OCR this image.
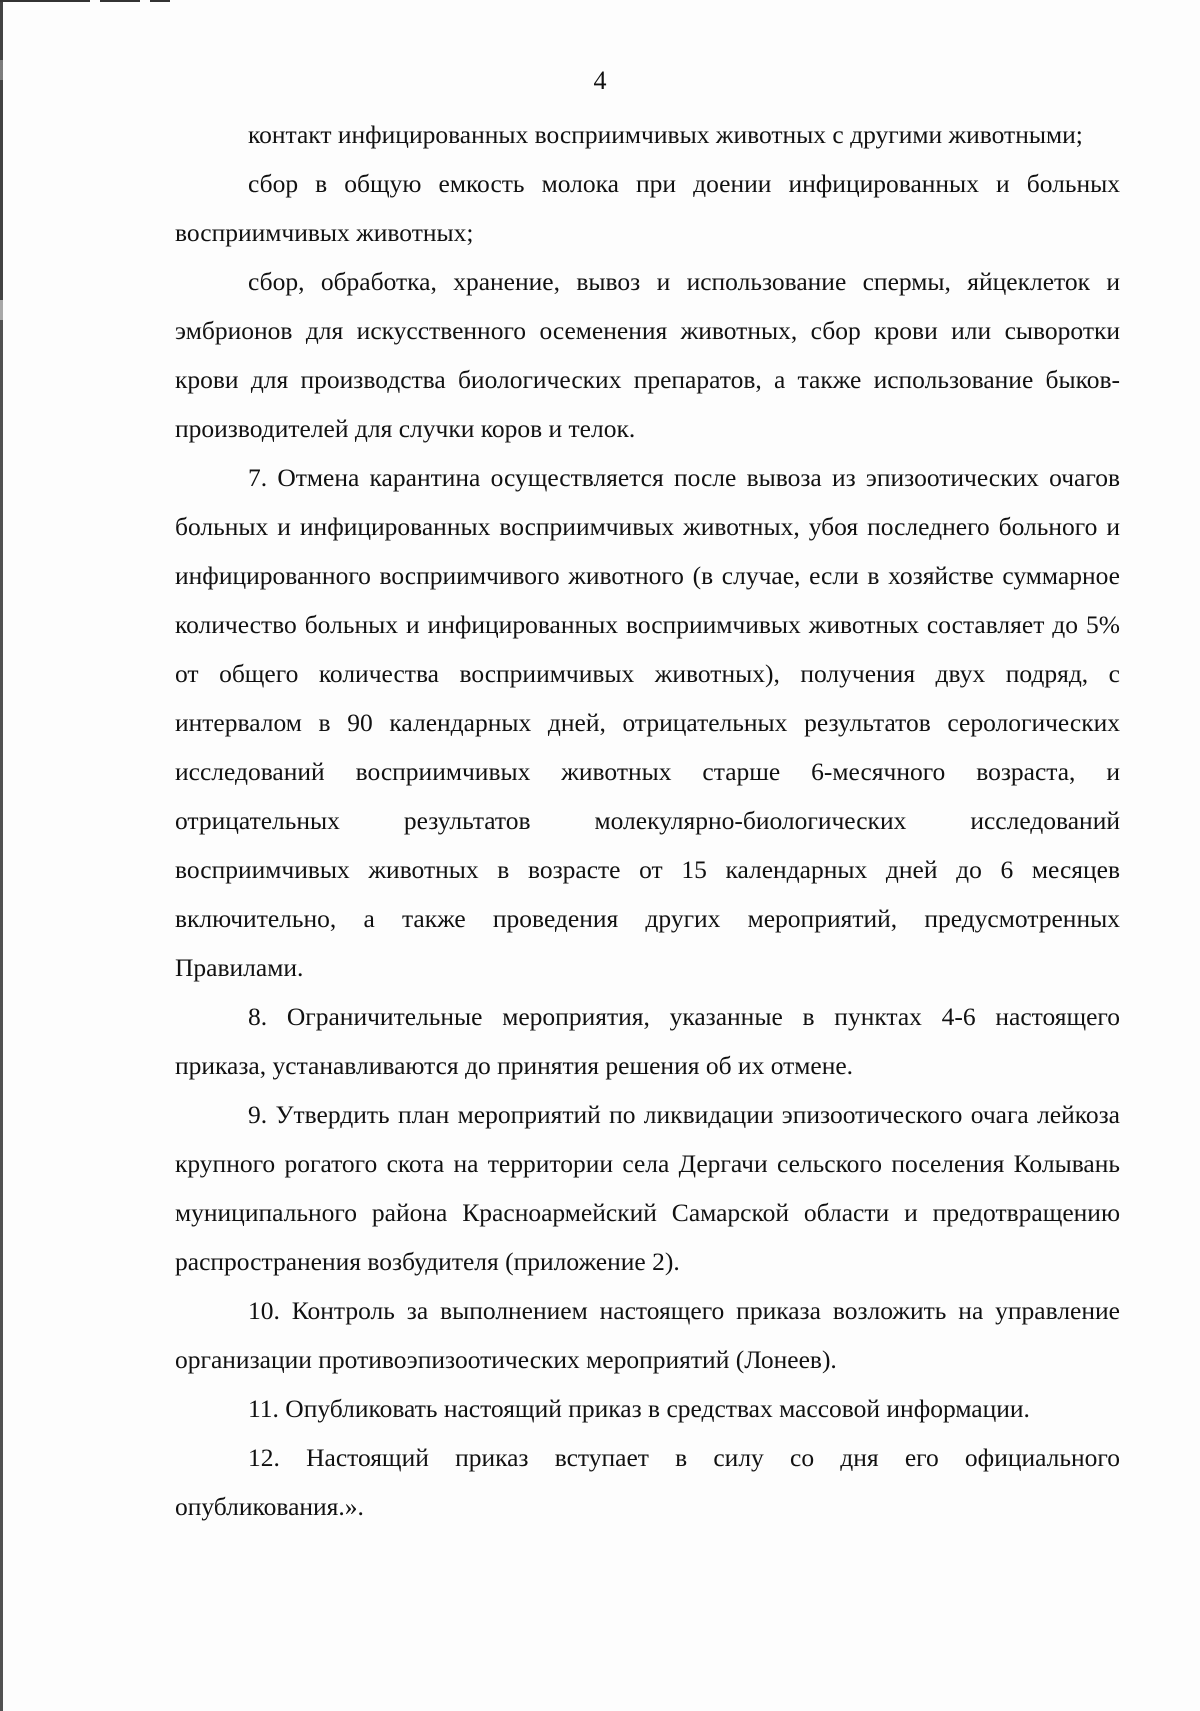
4

контакт инфицированных восприимчивых животных с другими животными;

сбор в общую емкость молока при доении инфицированных и больных восприимчивых животных;

сбор, обработка, хранение, вывоз и использование спермы, яйцеклеток и эмбрионов для искусственного осеменения животных, сбор крови или сыворотки крови для производства биологических препаратов, а также использование быков-производителей для случки коров и телок.

7. Отмена карантина осуществляется после вывоза из эпизоотических очагов больных и инфицированных восприимчивых животных, убоя последнего больного и инфицированного восприимчивого животного (в случае, если в хозяйстве суммарное количество больных и инфицированных восприимчивых животных составляет до 5% от общего количества восприимчивых животных), получения двух подряд, с интервалом в 90 календарных дней, отрицательных результатов серологических исследований восприимчивых животных старше 6-месячного возраста, и отрицательных результатов молекулярно-биологических исследований восприимчивых животных в возрасте от 15 календарных дней до 6 месяцев включительно, а также проведения других мероприятий, предусмотренных Правилами.

8. Ограничительные мероприятия, указанные в пунктах 4-6 настоящего приказа, устанавливаются до принятия решения об их отмене.

9. Утвердить план мероприятий по ликвидации эпизоотического очага лейкоза крупного рогатого скота на территории села Дергачи сельского поселения Колывань муниципального района Красноармейский Самарской области и предотвращению распространения возбудителя (приложение 2).

10. Контроль за выполнением настоящего приказа возложить на управление организации противоэпизоотических мероприятий (Лонеев).

11. Опубликовать настоящий приказ в средствах массовой информации.

12. Настоящий приказ вступает в силу со дня его официального опубликования.».
